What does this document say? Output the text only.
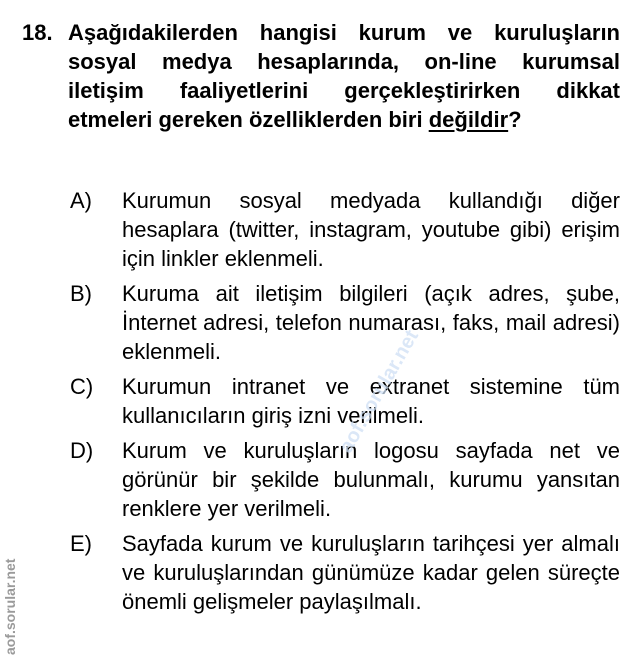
18. Aşağıdakilerden hangisi kurum ve kuruluşların sosyal medya hesaplarında, on-line kurumsal iletişim faaliyetlerini gerçekleştirirken dikkat etmeleri gereken özelliklerden biri değildir?
A) Kurumun sosyal medyada kullandığı diğer hesaplara (twitter, instagram, youtube gibi) erişim için linkler eklenmeli.
B) Kuruma ait iletişim bilgileri (açık adres, şube, İnternet adresi, telefon numarası, faks, mail adresi) eklenmeli.
C) Kurumun intranet ve extranet sistemine tüm kullanıcıların giriş izni verilmeli.
D) Kurum ve kuruluşların logosu sayfada net ve görünür bir şekilde bulunmalı, kurumu yansıtan renklere yer verilmeli.
E) Sayfada kurum ve kuruluşların tarihçesi yer almalı ve kuruluşlarından günümüze kadar gelen süreçte önemli gelişmeler paylaşılmalı.
aof.sorular.net
aof.sorular.net
